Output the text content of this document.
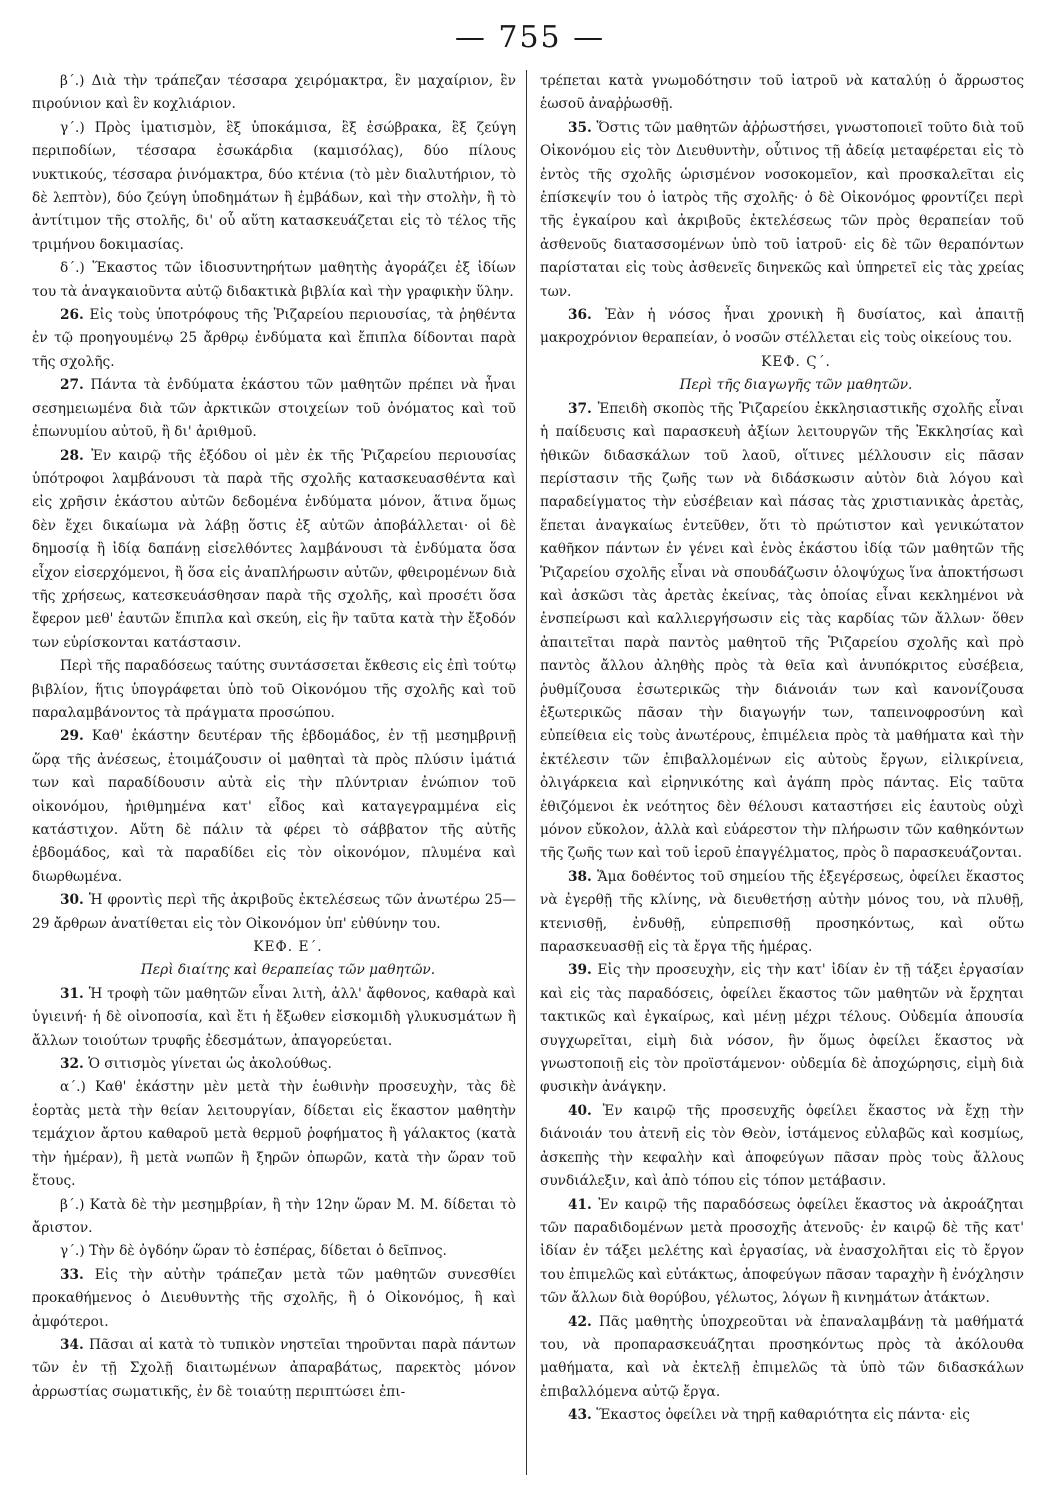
— 755 —

β΄.) Διὰ τὴν τράπεζαν τέσσαρα χειρόμακτρα, ἓν μαχαίριον, ἓν πιρούνιον καὶ ἓν κοχλιάριον.

γ΄.) Πρὸς ἱματισμὸν, ἓξ ὑποκάμισα, ἓξ ἐσώβρακα, ἓξ ζεύγη περιποδίων, τέσσαρα ἐσωκάρδια (καμισόλας), δύο πίλους νυκτικούς, τέσσαρα ῥινόμακτρα, δύο κτένια (τὸ μὲν διαλυτήριον, τὸ δὲ λεπτὸν), δύο ζεύγη ὑποδημάτων ἢ ἐμβάδων, καὶ τὴν στολὴν, ἢ τὸ ἀντίτιμον τῆς στολῆς, δι' οὗ αὕτη κατασκευάζεται εἰς τὸ τέλος τῆς τριμήνου δοκιμασίας.

δ΄.) Ἕκαστος τῶν ἰδιοσυντηρήτων μαθητὴς ἀγοράζει ἐξ ἰδίων του τὰ ἀναγκαιοῦντα αὐτῷ διδακτικὰ βιβλία καὶ τὴν γραφικὴν ὕλην.

26. Εἰς τοὺς ὑποτρόφους τῆς Ῥιζαρείου περιουσίας, τὰ ῥηθέντα ἐν τῷ προηγουμένῳ 25 ἄρθρῳ ἐνδύματα καὶ ἔπιπλα δίδονται παρὰ τῆς σχολῆς.

27. Πάντα τὰ ἐνδύματα ἑκάστου τῶν μαθητῶν πρέπει νὰ ἦναι σεσημειωμένα διὰ τῶν ἀρκτικῶν στοιχείων τοῦ ὀνόματος καὶ τοῦ ἐπωνυμίου αὐτοῦ, ἢ δι' ἀριθμοῦ.

28. Ἐν καιρῷ τῆς ἐξόδου οἱ μὲν ἐκ τῆς Ῥιζαρείου περιουσίας ὑπότροφοι λαμβάνουσι τὰ παρὰ τῆς σχολῆς κατασκευασθέντα καὶ εἰς χρῆσιν ἑκάστου αὐτῶν δεδομένα ἐνδύματα μόνον, ἅτινα ὅμως δὲν ἔχει δικαίωμα νὰ λάβῃ ὅστις ἐξ αὐτῶν ἀποβάλλεται· οἱ δὲ δημοσίᾳ ἢ ἰδίᾳ δαπάνῃ εἰσελθόντες λαμβάνουσι τὰ ἐνδύματα ὅσα εἶχον εἰσερχόμενοι, ἢ ὅσα εἰς ἀναπλήρωσιν αὐτῶν, φθειρομένων διὰ τῆς χρήσεως, κατεσκευάσθησαν παρὰ τῆς σχολῆς, καὶ προσέτι ὅσα ἔφερον μεθ' ἑαυτῶν ἔπιπλα καὶ σκεύη, εἰς ἣν ταῦτα κατὰ τὴν ἔξοδόν των εὑρίσκονται κατάστασιν.

Περὶ τῆς παραδόσεως ταύτης συντάσσεται ἔκθεσις εἰς ἐπὶ τούτῳ βιβλίον, ἥτις ὑπογράφεται ὑπὸ τοῦ Οἰκονόμου τῆς σχολῆς καὶ τοῦ παραλαμβάνοντος τὰ πράγματα προσώπου.

29. Καθ' ἑκάστην δευτέραν τῆς ἑβδομάδος, ἐν τῇ μεσημβρινῇ ὥρᾳ τῆς ἀνέσεως, ἑτοιμάζουσιν οἱ μαθηταὶ τὰ πρὸς πλύσιν ἱμάτιά των καὶ παραδίδουσιν αὐτὰ εἰς τὴν πλύντριαν ἐνώπιον τοῦ οἰκονόμου, ἠριθμημένα κατ' εἶδος καὶ καταγεγραμμένα εἰς κατάστιχον. Αὕτη δὲ πάλιν τὰ φέρει τὸ σάββατον τῆς αὐτῆς ἑβδομάδος, καὶ τὰ παραδίδει εἰς τὸν οἰκονόμον, πλυμένα καὶ διωρθωμένα.

30. Ἡ φροντὶς περὶ τῆς ἀκριβοῦς ἐκτελέσεως τῶν ἀνωτέρω 25—29 ἄρθρων ἀνατίθεται εἰς τὸν Οἰκονόμον ὑπ' εὐθύνην του.

ΚΕΦ. Ε΄.

Περὶ διαίτης καὶ θεραπείας τῶν μαθητῶν.

31. Ἡ τροφὴ τῶν μαθητῶν εἶναι λιτὴ, ἀλλ' ἄφθονος, καθαρὰ καὶ ὑγιεινή· ἡ δὲ οἰνοποσία, καὶ ἔτι ἡ ἔξωθεν εἰσκομιδὴ γλυκυσμάτων ἢ ἄλλων τοιούτων τρυφῆς ἐδεσμάτων, ἀπαγορεύεται.

32. Ὁ σιτισμὸς γίνεται ὡς ἀκολούθως.

α΄.) Καθ' ἑκάστην μὲν μετὰ τὴν ἑωθινὴν προσευχὴν, τὰς δὲ ἑορτὰς μετὰ τὴν θείαν λειτουργίαν, δίδεται εἰς ἕκαστον μαθητὴν τεμάχιον ἄρτου καθαροῦ μετὰ θερμοῦ ῥοφήματος ἢ γάλακτος (κατὰ τὴν ἡμέραν), ἢ μετὰ νωπῶν ἢ ξηρῶν ὀπωρῶν, κατὰ τὴν ὥραν τοῦ ἔτους.

β΄.) Κατὰ δὲ τὴν μεσημβρίαν, ἢ τὴν 12ην ὥραν Μ. Μ. δίδεται τὸ ἄριστον.

γ΄.) Τὴν δὲ ὀγδόην ὥραν τὸ ἑσπέρας, δίδεται ὁ δεῖπνος.

33. Εἰς τὴν αὐτὴν τράπεζαν μετὰ τῶν μαθητῶν συνεσθίει προκαθήμενος ὁ Διευθυντὴς τῆς σχολῆς, ἢ ὁ Οἰκονόμος, ἢ καὶ ἀμφότεροι.

34. Πᾶσαι αἱ κατὰ τὸ τυπικὸν νηστεῖαι τηροῦνται παρὰ πάντων τῶν ἐν τῇ Σχολῇ διαιτωμένων ἀπαραβάτως, παρεκτὸς μόνον ἀρρωστίας σωματικῆς, ἐν δὲ τοιαύτῃ περιπτώσει ἐπι-

τρέπεται κατὰ γνωμοδότησιν τοῦ ἰατροῦ νὰ καταλύῃ ὁ ἄρρωστος ἑωσοῦ ἀναῤῥωσθῇ.

35. Ὅστις τῶν μαθητῶν ἀῤῥωστήσει, γνωστοποιεῖ τοῦτο διὰ τοῦ Οἰκονόμου εἰς τὸν Διευθυντὴν, οὗτινος τῇ ἀδείᾳ μεταφέρεται εἰς τὸ ἐντὸς τῆς σχολῆς ὡρισμένον νοσοκομεῖον, καὶ προσκαλεῖται εἰς ἐπίσκεψίν του ὁ ἰατρὸς τῆς σχολῆς· ὁ δὲ Οἰκονόμος φροντίζει περὶ τῆς ἐγκαίρου καὶ ἀκριβοῦς ἐκτελέσεως τῶν πρὸς θεραπείαν τοῦ ἀσθενοῦς διατασσομένων ὑπὸ τοῦ ἰατροῦ· εἰς δὲ τῶν θεραπόντων παρίσταται εἰς τοὺς ἀσθενεῖς διηνεκῶς καὶ ὑπηρετεῖ εἰς τὰς χρείας των.

36. Ἐὰν ἡ νόσος ἦναι χρονικὴ ἢ δυσίατος, καὶ ἀπαιτῇ μακροχρόνιον θεραπείαν, ὁ νοσῶν στέλλεται εἰς τοὺς οἰκείους του.

ΚΕΦ. Ϛ΄.

Περὶ τῆς διαγωγῆς τῶν μαθητῶν.

37. Ἐπειδὴ σκοπὸς τῆς Ῥιζαρείου ἐκκλησιαστικῆς σχολῆς εἶναι ἡ παίδευσις καὶ παρασκευὴ ἀξίων λειτουργῶν τῆς Ἐκκλησίας καὶ ἠθικῶν διδασκάλων τοῦ λαοῦ, οἵτινες μέλλουσιν εἰς πᾶσαν περίστασιν τῆς ζωῆς των νὰ διδάσκωσιν αὐτὸν διὰ λόγου καὶ παραδείγματος τὴν εὐσέβειαν καὶ πάσας τὰς χριστιανικὰς ἀρετὰς, ἕπεται ἀναγκαίως ἐντεῦθεν, ὅτι τὸ πρώτιστον καὶ γενικώτατον καθῆκον πάντων ἐν γένει καὶ ἑνὸς ἑκάστου ἰδίᾳ τῶν μαθητῶν τῆς Ῥιζαρείου σχολῆς εἶναι νὰ σπουδάζωσιν ὁλοψύχως ἵνα ἀποκτήσωσι καὶ ἀσκῶσι τὰς ἀρετὰς ἐκείνας, τὰς ὁποίας εἶναι κεκλημένοι νὰ ἐνσπείρωσι καὶ καλλιεργήσωσιν εἰς τὰς καρδίας τῶν ἄλλων· ὅθεν ἀπαιτεῖται παρὰ παντὸς μαθητοῦ τῆς Ῥιζαρείου σχολῆς καὶ πρὸ παντὸς ἄλλου ἀληθὴς πρὸς τὰ θεῖα καὶ ἀνυπόκριτος εὐσέβεια, ῥυθμίζουσα ἐσωτερικῶς τὴν διάνοιάν των καὶ κανονίζουσα ἐξωτερικῶς πᾶσαν τὴν διαγωγήν των, ταπεινοφροσύνη καὶ εὐπείθεια εἰς τοὺς ἀνωτέρους, ἐπιμέλεια πρὸς τὰ μαθήματα καὶ τὴν ἐκτέλεσιν τῶν ἐπιβαλλομένων εἰς αὐτοὺς ἔργων, εἰλικρίνεια, ὀλιγάρκεια καὶ εἰρηνικότης καὶ ἀγάπη πρὸς πάντας. Εἰς ταῦτα ἐθιζόμενοι ἐκ νεότητος δὲν θέλουσι καταστήσει εἰς ἑαυτοὺς οὐχὶ μόνον εὔκολον, ἀλλὰ καὶ εὐάρεστον τὴν πλήρωσιν τῶν καθηκόντων τῆς ζωῆς των καὶ τοῦ ἱεροῦ ἐπαγγέλματος, πρὸς ὃ παρασκευάζονται.

38. Ἅμα δοθέντος τοῦ σημείου τῆς ἐξεγέρσεως, ὀφείλει ἕκαστος νὰ ἐγερθῇ τῆς κλίνης, νὰ διευθετήσῃ αὐτὴν μόνος του, νὰ πλυθῇ, κτενισθῇ, ἐνδυθῇ, εὐπρεπισθῇ προσηκόντως, καὶ οὕτω παρασκευασθῇ εἰς τὰ ἔργα τῆς ἡμέρας.

39. Εἰς τὴν προσευχὴν, εἰς τὴν κατ' ἰδίαν ἐν τῇ τάξει ἐργασίαν καὶ εἰς τὰς παραδόσεις, ὀφείλει ἕκαστος τῶν μαθητῶν νὰ ἔρχηται τακτικῶς καὶ ἐγκαίρως, καὶ μένῃ μέχρι τέλους. Οὐδεμία ἀπουσία συγχωρεῖται, εἰμὴ διὰ νόσον, ἣν ὅμως ὀφείλει ἕκαστος νὰ γνωστοποιῇ εἰς τὸν προϊστάμενον· οὐδεμία δὲ ἀποχώρησις, εἰμὴ διὰ φυσικὴν ἀνάγκην.

40. Ἐν καιρῷ τῆς προσευχῆς ὀφείλει ἕκαστος νὰ ἔχῃ τὴν διάνοιάν του ἀτενῆ εἰς τὸν Θεὸν, ἱστάμενος εὐλαβῶς καὶ κοσμίως, ἀσκεπὴς τὴν κεφαλὴν καὶ ἀποφεύγων πᾶσαν πρὸς τοὺς ἄλλους συνδιάλεξιν, καὶ ἀπὸ τόπου εἰς τόπον μετάβασιν.

41. Ἐν καιρῷ τῆς παραδόσεως ὀφείλει ἕκαστος νὰ ἀκροάζηται τῶν παραδιδομένων μετὰ προσοχῆς ἀτενοῦς· ἐν καιρῷ δὲ τῆς κατ' ἰδίαν ἐν τάξει μελέτης καὶ ἐργασίας, νὰ ἐνασχολῆται εἰς τὸ ἔργον του ἐπιμελῶς καὶ εὐτάκτως, ἀποφεύγων πᾶσαν ταραχὴν ἢ ἐνόχλησιν τῶν ἄλλων διὰ θορύβου, γέλωτος, λόγων ἢ κινημάτων ἀτάκτων.

42. Πᾶς μαθητὴς ὑποχρεοῦται νὰ ἐπαναλαμβάνῃ τὰ μαθήματά του, νὰ προπαρασκευάζηται προσηκόντως πρὸς τὰ ἀκόλουθα μαθήματα, καὶ νὰ ἐκτελῇ ἐπιμελῶς τὰ ὑπὸ τῶν διδασκάλων ἐπιβαλλόμενα αὐτῷ ἔργα.

43. Ἕκαστος ὀφείλει νὰ τηρῇ καθαριότητα εἰς πάντα· εἰς
